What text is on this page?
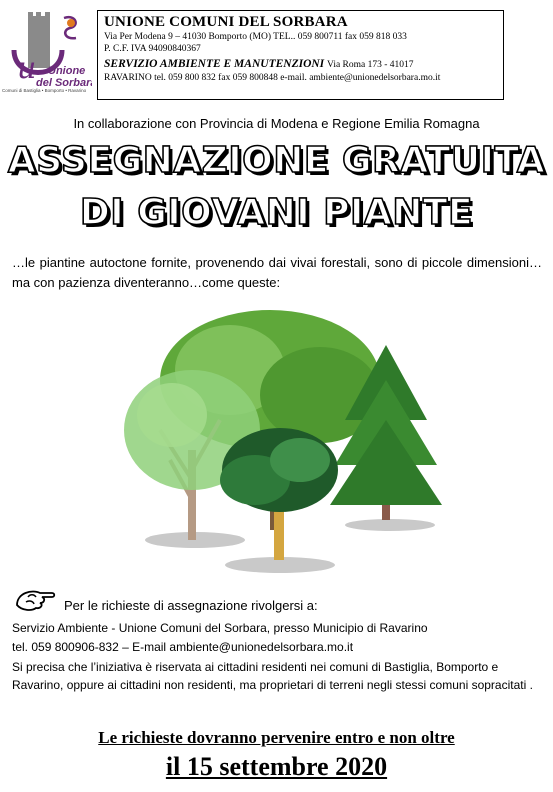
u Unione
del Sorbara
Comuni di Bastiglia • Bomporto • Ravarino
UNIONE COMUNI DEL SORBARA
Via Per Modena 9 – 41030 Bomporto (MO) TEL.. 059 800711 fax 059 818 033
P. C.F. IVA 94090840367
SERVIZIO AMBIENTE E MANUTENZIONI Via Roma 173 - 41017
RAVARINO tel. 059 800 832 fax 059 800848 e-mail. ambiente@unionedelsorbara.mo.it
In collaborazione con Provincia di Modena e Regione Emilia Romagna
ASSEGNAZIONE GRATUITA
DI GIOVANI PIANTE
…le piantine autoctone fornite, provenendo dai vivai forestali, sono di piccole dimensioni…ma con pazienza diventeranno…come queste:
Per le richieste di assegnazione rivolgersi a:
Servizio Ambiente - Unione Comuni del Sorbara, presso Municipio di Ravarino
tel. 059 800906-832 – E-mail ambiente@unionedelsorbara.mo.it
Si precisa che l’iniziativa è riservata ai cittadini residenti nei comuni di Bastiglia, Bomporto e Ravarino, oppure ai cittadini non residenti, ma proprietari di terreni negli stessi comuni sopracitati .
Le richieste dovranno pervenire entro e non oltre
il 15 settembre 2020
